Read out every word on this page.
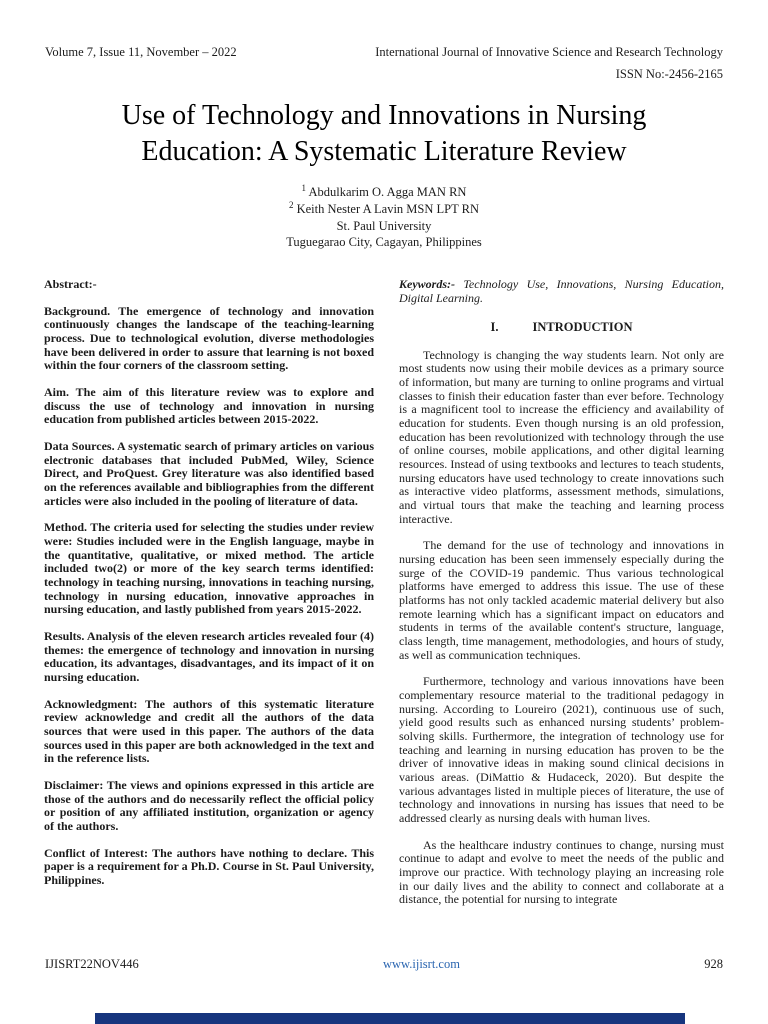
Volume 7, Issue 11, November – 2022	International Journal of Innovative Science and Research Technology
ISSN No:-2456-2165
Use of Technology and Innovations in Nursing Education: A Systematic Literature Review
$^1$ Abdulkarim O. Agga MAN RN
$^2$ Keith Nester A Lavin MSN LPT RN
St. Paul University
Tuguegarao City, Cagayan, Philippines

Abstract:-

Background. The emergence of technology and innovation continuously changes the landscape of the teaching-learning process. Due to technological evolution, diverse methodologies have been delivered in order to assure that learning is not boxed within the four corners of the classroom setting.

Aim. The aim of this literature review was to explore and discuss the use of technology and innovation in nursing education from published articles between 2015-2022.

Data Sources. A systematic search of primary articles on various electronic databases that included PubMed, Wiley, Science Direct, and ProQuest. Grey literature was also identified based on the references available and bibliographies from the different articles were also included in the pooling of literature of data.

Method. The criteria used for selecting the studies under review were: Studies included were in the English language, maybe in the quantitative, qualitative, or mixed method. The article included two(2) or more of the key search terms identified: technology in teaching nursing, innovations in teaching nursing, technology in nursing education, innovative approaches in nursing education, and lastly published from years 2015-2022.

Results. Analysis of the eleven research articles revealed four (4) themes: the emergence of technology and innovation in nursing education, its advantages, disadvantages, and its impact of it on nursing education.

Acknowledgment: The authors of this systematic literature review acknowledge and credit all the authors of the data sources that were used in this paper. The authors of the data sources used in this paper are both acknowledged in the text and in the reference lists.

Disclaimer: The views and opinions expressed in this article are those of the authors and do necessarily reflect the official policy or position of any affiliated institution, organization or agency of the authors.

Conflict of Interest: The authors have nothing to declare. This paper is a requirement for a Ph.D. Course in St. Paul University, Philippines.

Keywords:- Technology Use, Innovations, Nursing Education, Digital Learning.

I.	INTRODUCTION

Technology is changing the way students learn. Not only are most students now using their mobile devices as a primary source of information, but many are turning to online programs and virtual classes to finish their education faster than ever before. Technology is a magnificent tool to increase the efficiency and availability of education for students. Even though nursing is an old profession, education has been revolutionized with technology through the use of online courses, mobile applications, and other digital learning resources. Instead of using textbooks and lectures to teach students, nursing educators have used technology to create innovations such as interactive video platforms, assessment methods, simulations, and virtual tours that make the teaching and learning process interactive.

The demand for the use of technology and innovations in nursing education has been seen immensely especially during the surge of the COVID-19 pandemic. Thus various technological platforms have emerged to address this issue. The use of these platforms has not only tackled academic material delivery but also remote learning which has a significant impact on educators and students in terms of the available content's structure, language, class length, time management, methodologies, and hours of study, as well as communication techniques.

Furthermore, technology and various innovations have been complementary resource material to the traditional pedagogy in nursing. According to Loureiro (2021), continuous use of such, yield good results such as enhanced nursing students’ problem-solving skills. Furthermore, the integration of technology use for teaching and learning in nursing education has proven to be the driver of innovative ideas in making sound clinical decisions in various areas. (DiMattio & Hudaceck, 2020). But despite the various advantages listed in multiple pieces of literature, the use of technology and innovations in nursing has issues that need to be addressed clearly as nursing deals with human lives.

As the healthcare industry continues to change, nursing must continue to adapt and evolve to meet the needs of the public and improve our practice. With technology playing an increasing role in our daily lives and the ability to connect and collaborate at a distance, the potential for nursing to integrate

IJISRT22NOV446	www.ijisrt.com	928
